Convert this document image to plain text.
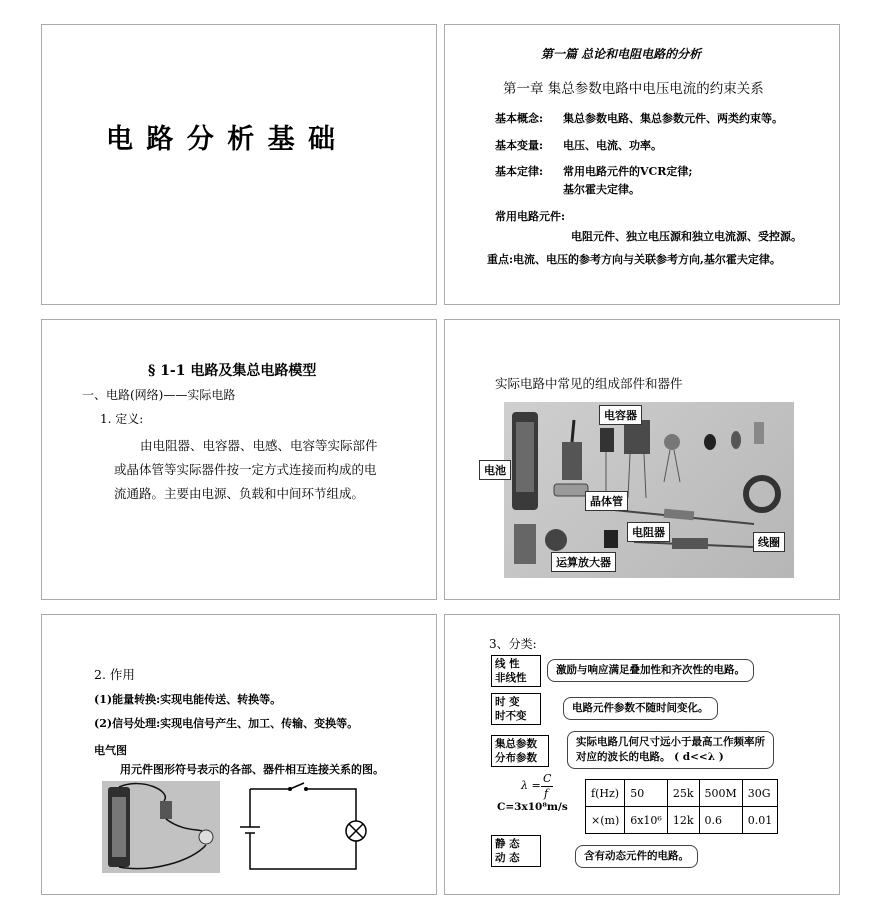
电 路 分 析 基 础
第一篇 总论和电阻电路的分析
第一章 集总参数电路中电压电流的约束关系
基本概念: 集总参数电路、集总参数元件、两类约束等。
基本变量: 电压、电流、功率。
基本定律: 常用电路元件的VCR定律;
基尔霍夫定律。
常用电路元件:
电阻元件、独立电压源和独立电流源、受控源。
重点:电流、电压的参考方向与关联参考方向,基尔霍夫定律。
§ 1-1 电路及集总电路模型
一、电路(网络)——实际电路
1. 定义:
由电阻器、电容器、电感、电容等实际部件
或晶体管等实际器件按一定方式连接而构成的电
流通路。主要由电源、负载和中间环节组成。
实际电路中常见的组成部件和器件
电容器
电池
晶体管
电阻器
线圈
运算放大器
2. 作用
(1)能量转换:实现电能传送、转换等。
(2)信号处理:实现电信号产生、加工、传输、变换等。
电气图
用元件图形符号表示的各部、器件相互连接关系的图。
3、分类:
线 性
非线性
激励与响应满足叠加性和齐次性的电路。
时 变
时不变
电路元件参数不随时间变化。
集总参数
分布参数
实际电路几何尺寸远小于最高工作频率所
对应的波长的电路。 ( d<<λ )
λ =
C
f
C=3x10⁸m/s
f(Hz)	50	25k	500M	30G
×(m)	6x10⁶	12k	0.6	0.01
静 态
动 态	含有动态元件的电路。
